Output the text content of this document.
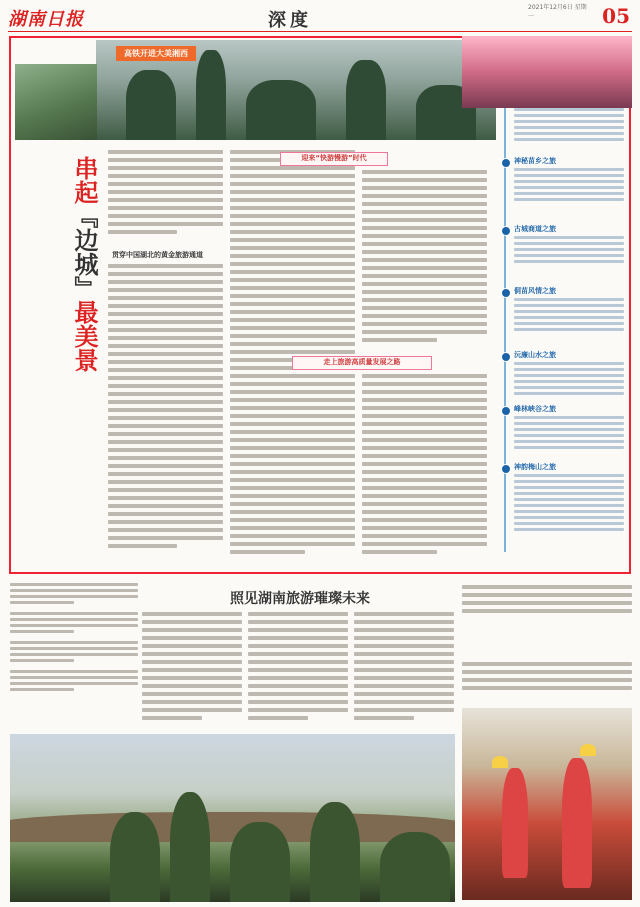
湖南日报	深度
2021年12月6日 星期一	05
高铁开进大美湘西
串起『边城』最美景
贯穿中国湖北的黄金旅游通道
迎来“快游慢游”时代
走上旅游高质量发展之路
神秘苗乡之旅
古城商道之旅
侗苗风情之旅
沅廉山水之旅
峰林峡谷之旅
神韵梅山之旅
照见湖南旅游璀璨未来
